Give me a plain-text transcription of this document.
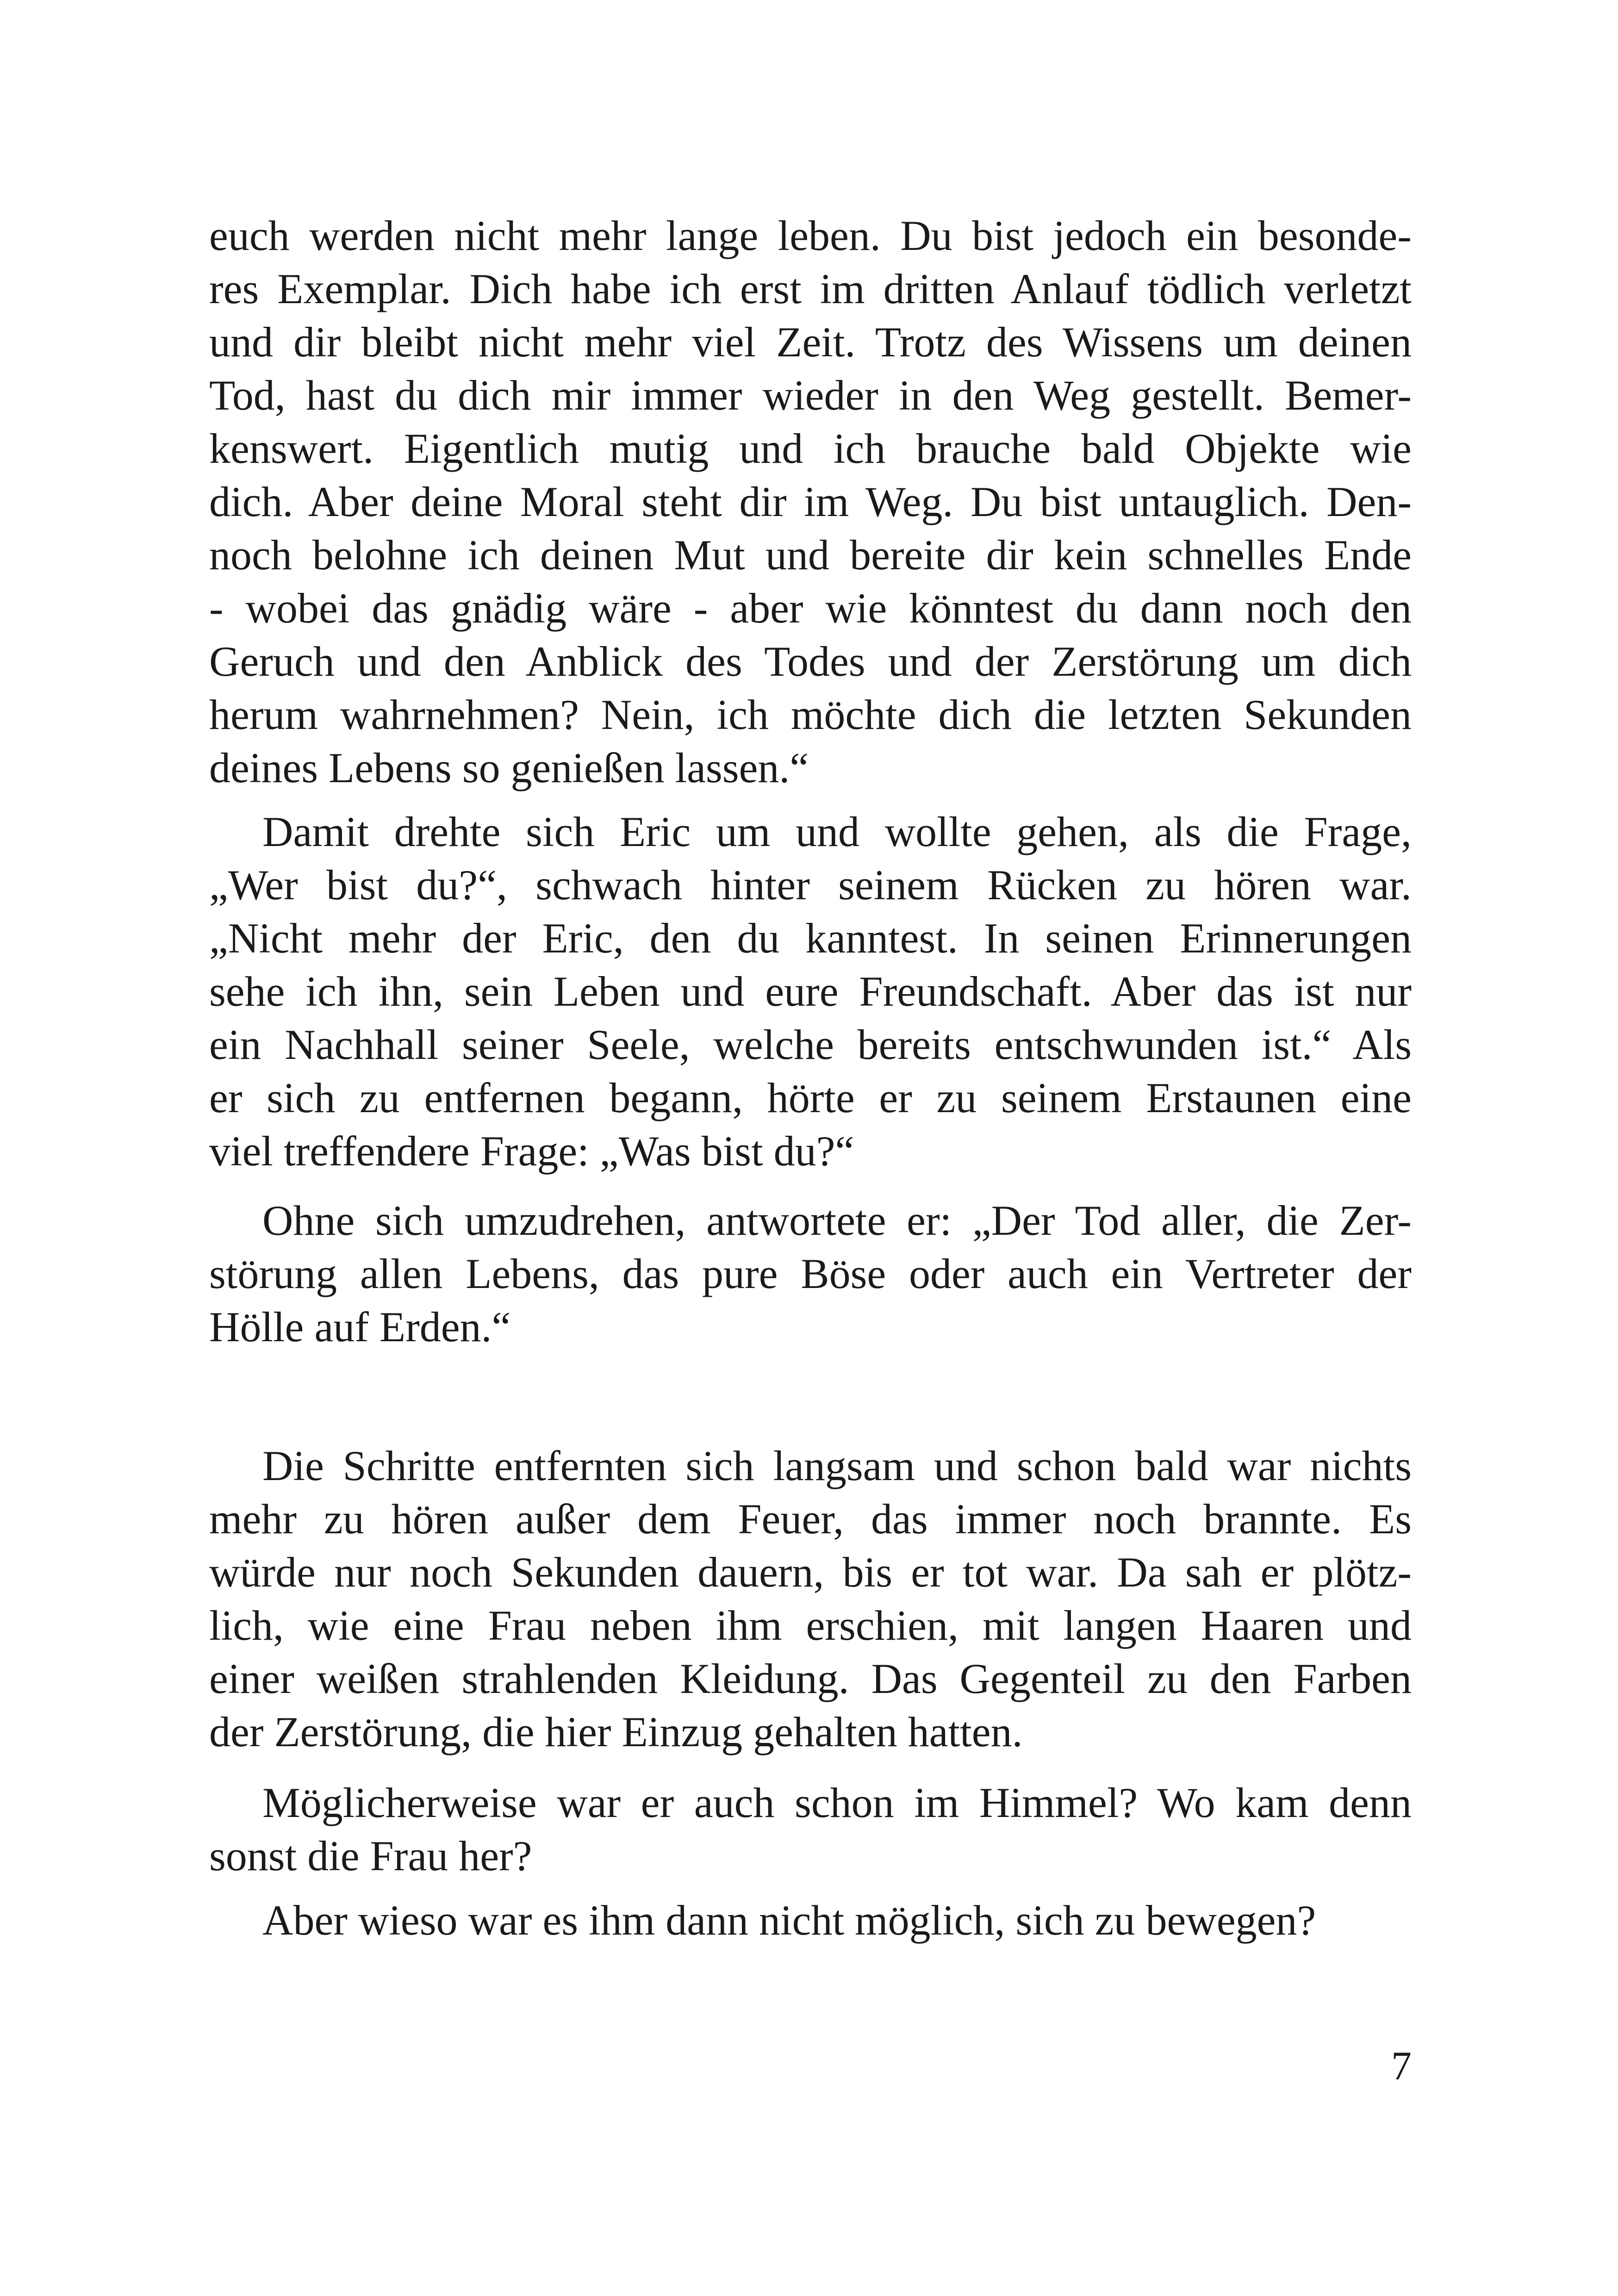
euch werden nicht mehr lange leben. Du bist jedoch ein besonde-
res Exemplar. Dich habe ich erst im dritten Anlauf tödlich verletzt
und dir bleibt nicht mehr viel Zeit. Trotz des Wissens um deinen
Tod, hast du dich mir immer wieder in den Weg gestellt. Bemer-
kenswert. Eigentlich mutig und ich brauche bald Objekte wie
dich. Aber deine Moral steht dir im Weg. Du bist untauglich. Den-
noch belohne ich deinen Mut und bereite dir kein schnelles Ende
- wobei das gnädig wäre - aber wie könntest du dann noch den
Geruch und den Anblick des Todes und der Zerstörung um dich
herum wahrnehmen? Nein, ich möchte dich die letzten Sekunden
deines Lebens so genießen lassen.“
Damit drehte sich Eric um und wollte gehen, als die Frage,
„Wer bist du?“, schwach hinter seinem Rücken zu hören war.
„Nicht mehr der Eric, den du kanntest. In seinen Erinnerungen
sehe ich ihn, sein Leben und eure Freundschaft. Aber das ist nur
ein Nachhall seiner Seele, welche bereits entschwunden ist.“ Als
er sich zu entfernen begann, hörte er zu seinem Erstaunen eine
viel treffendere Frage: „Was bist du?“
Ohne sich umzudrehen, antwortete er: „Der Tod aller, die Zer-
störung allen Lebens, das pure Böse oder auch ein Vertreter der
Hölle auf Erden.“
Die Schritte entfernten sich langsam und schon bald war nichts
mehr zu hören außer dem Feuer, das immer noch brannte. Es
würde nur noch Sekunden dauern, bis er tot war. Da sah er plötz-
lich, wie eine Frau neben ihm erschien, mit langen Haaren und
einer weißen strahlenden Kleidung. Das Gegenteil zu den Farben
der Zerstörung, die hier Einzug gehalten hatten.
Möglicherweise war er auch schon im Himmel? Wo kam denn
sonst die Frau her?
Aber wieso war es ihm dann nicht möglich, sich zu bewegen?
7
